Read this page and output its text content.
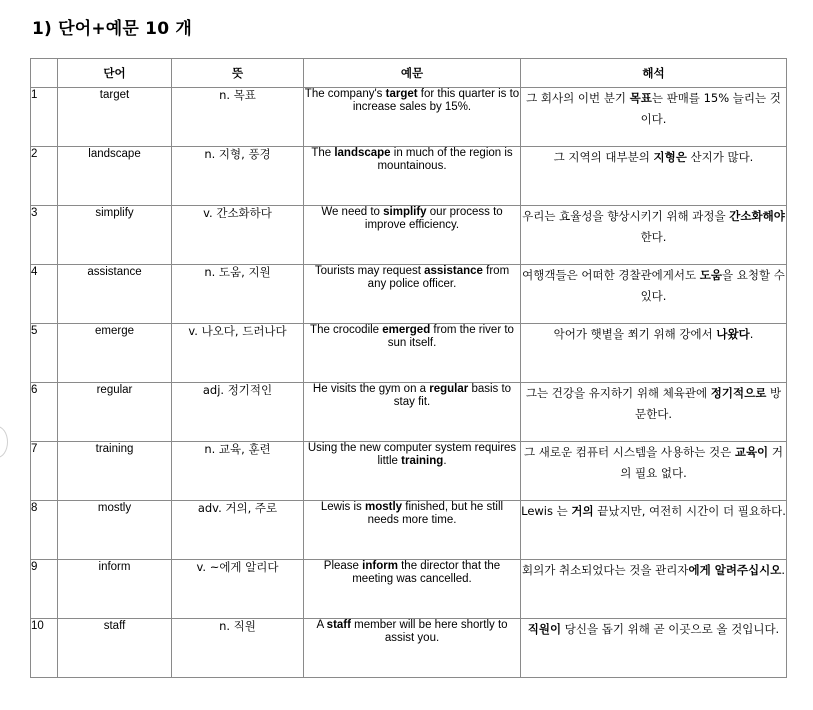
1) 단어+예문 10 개
	단어	뜻	예문	해석
1	target	n. 목표	The company's target for this quarter is to increase sales by 15%.	그 회사의 이번 분기 목표는 판매를 15% 늘리는 것이다.
2	landscape	n. 지형, 풍경	The landscape in much of the region is mountainous.	그 지역의 대부분의 지형은 산지가 많다.
3	simplify	v. 간소화하다	We need to simplify our process to improve efficiency.	우리는 효율성을 향상시키기 위해 과정을 간소화해야 한다.
4	assistance	n. 도움, 지원	Tourists may request assistance from any police officer.	여행객들은 어떠한 경찰관에게서도 도움을 요청할 수 있다.
5	emerge	v. 나오다, 드러나다	The crocodile emerged from the river to sun itself.	악어가 햇볕을 쬐기 위해 강에서 나왔다.
6	regular	adj. 정기적인	He visits the gym on a regular basis to stay fit.	그는 건강을 유지하기 위해 체육관에 정기적으로 방문한다.
7	training	n. 교육, 훈련	Using the new computer system requires little training.	그 새로운 컴퓨터 시스템을 사용하는 것은 교육이 거의 필요 없다.
8	mostly	adv. 거의, 주로	Lewis is mostly finished, but he still needs more time.	Lewis 는 거의 끝났지만, 여전히 시간이 더 필요하다.
9	inform	v. ~에게 알리다	Please inform the director that the meeting was cancelled.	회의가 취소되었다는 것을 관리자에게 알려주십시오.
10	staff	n. 직원	A staff member will be here shortly to assist you.	직원이 당신을 돕기 위해 곧 이곳으로 올 것입니다.
